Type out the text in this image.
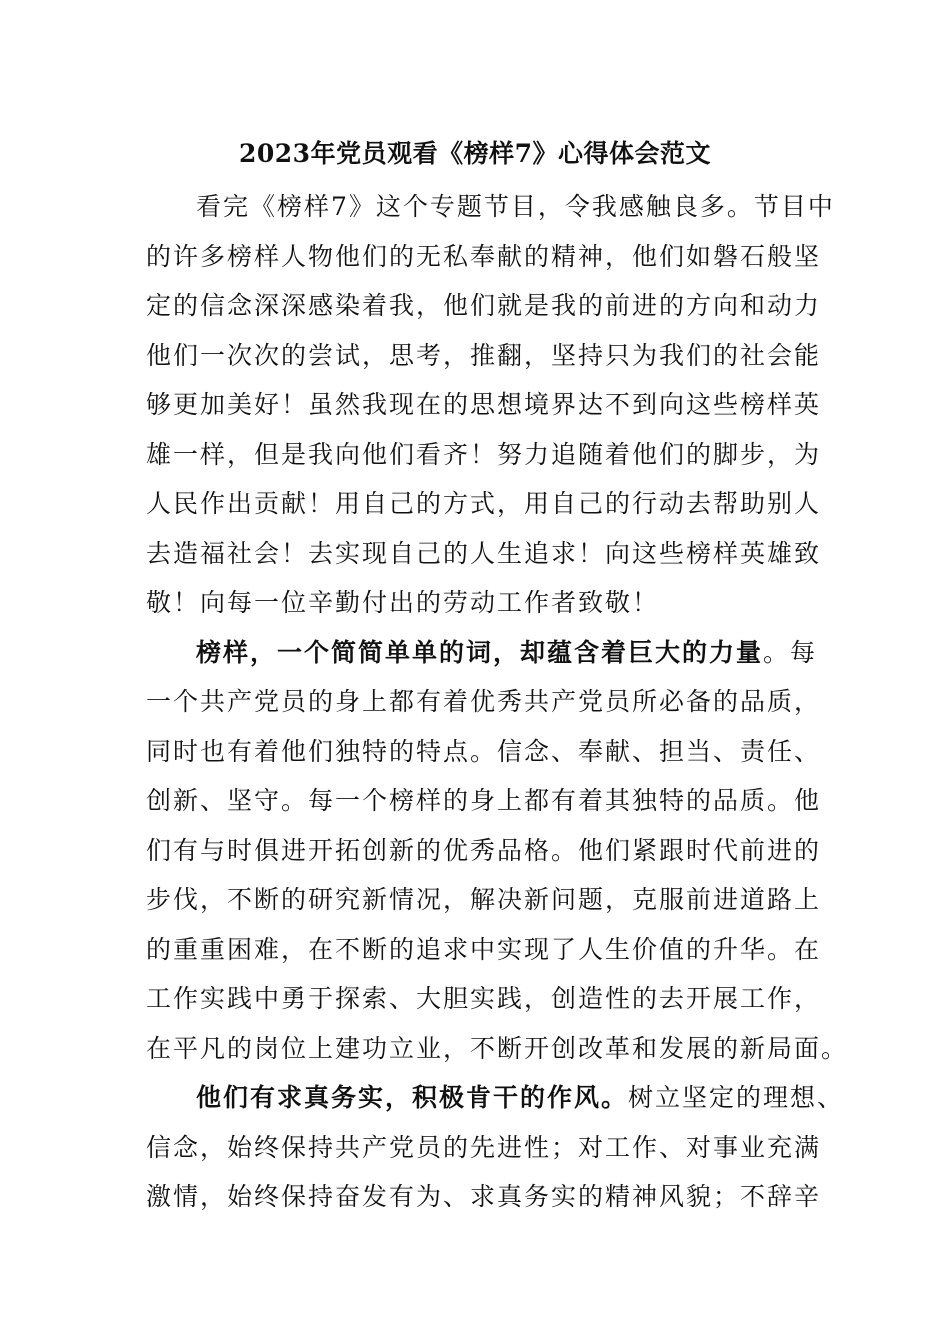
2023年党员观看《榜样7》心得体会范文
看完《榜样7》这个专题节目，令我感触良多。节目中
的许多榜样人物他们的无私奉献的精神，他们如磐石般坚
定的信念深深感染着我，他们就是我的前进的方向和动力
他们一次次的尝试，思考，推翻，坚持只为我们的社会能
够更加美好！虽然我现在的思想境界达不到向这些榜样英
雄一样，但是我向他们看齐！努力追随着他们的脚步，为
人民作出贡献！用自己的方式，用自己的行动去帮助别人
去造福社会！去实现自己的人生追求！向这些榜样英雄致
敬！向每一位辛勤付出的劳动工作者致敬！
榜样，一个简简单单的词，却蕴含着巨大的力量。每
一个共产党员的身上都有着优秀共产党员所必备的品质，
同时也有着他们独特的特点。信念、奉献、担当、责任、
创新、坚守。每一个榜样的身上都有着其独特的品质。他
们有与时俱进开拓创新的优秀品格。他们紧跟时代前进的
步伐，不断的研究新情况，解决新问题，克服前进道路上
的重重困难，在不断的追求中实现了人生价值的升华。在
工作实践中勇于探索、大胆实践，创造性的去开展工作，
在平凡的岗位上建功立业，不断开创改革和发展的新局面。
他们有求真务实，积极肯干的作风。树立坚定的理想、
信念，始终保持共产党员的先进性；对工作、对事业充满
激情，始终保持奋发有为、求真务实的精神风貌；不辞辛
